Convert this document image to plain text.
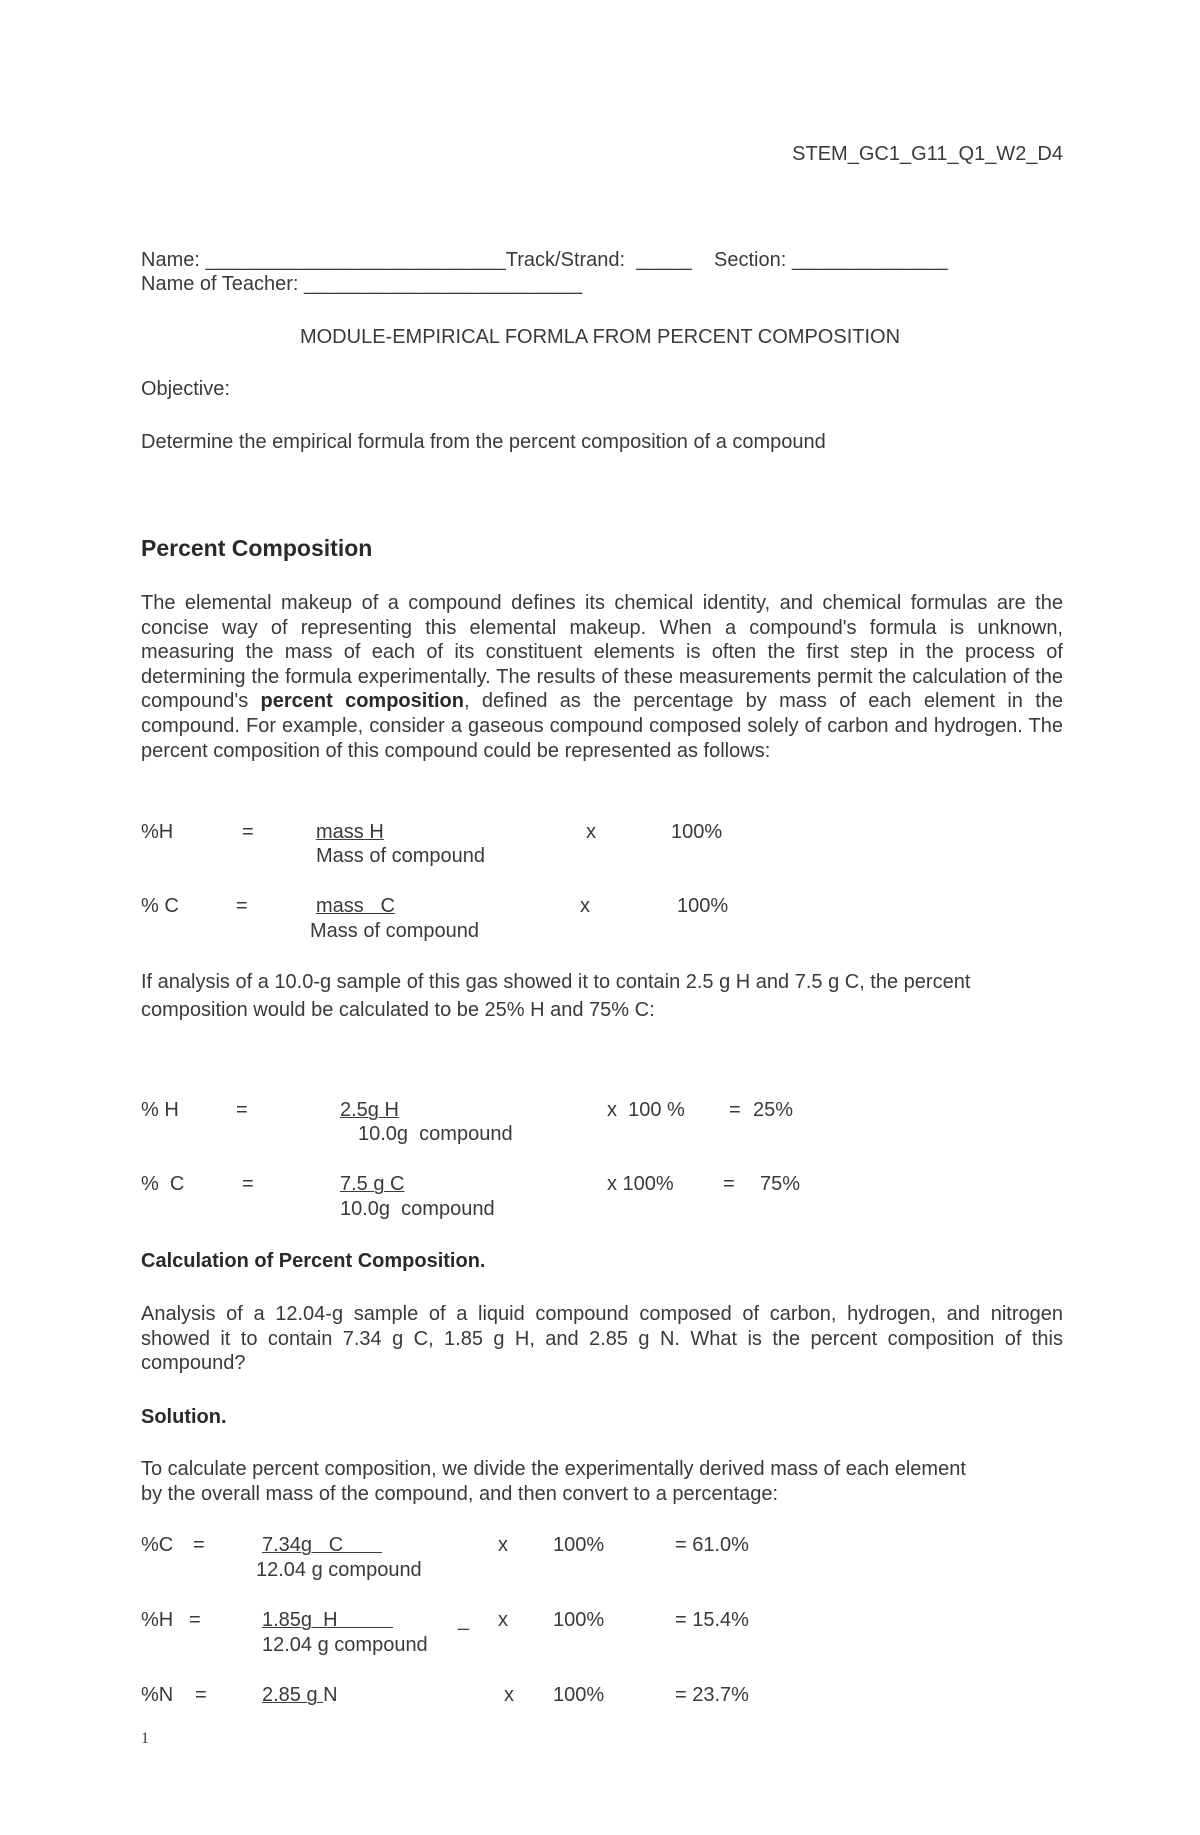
STEM_GC1_G11_Q1_W2_D4
Name: ___________________________Track/Strand:  _____    Section: ______________
Name of Teacher: _________________________
MODULE-EMPIRICAL FORMLA FROM PERCENT COMPOSITION
Objective:
Determine the empirical formula from the percent composition of a compound
Percent Composition
The elemental makeup of a compound defines its chemical identity, and chemical formulas are the concise way of representing this elemental makeup. When a compound's formula is unknown, measuring the mass of each of its constituent elements is often the first step in the process of determining the formula experimentally. The results of these measurements permit the calculation of the compound's percent composition, defined as the percentage by mass of each element in the compound. For example, consider a gaseous compound composed solely of carbon and hydrogen. The percent composition of this compound could be represented as follows:
%H	=	mass H
Mass of compound
x	100%
% C	=	mass   C
Mass of compound
x	100%
If analysis of a 10.0-g sample of this gas showed it to contain 2.5 g H and 7.5 g C, the percent
composition would be calculated to be 25% H and 75% C:
% H	=	2.5g H
10.0g  compound
x  100 % = 25%
%  C	=	7.5 g C
10.0g  compound
x 100% = 75%
Calculation of Percent Composition.
Analysis of a 12.04-g sample of a liquid compound composed of carbon, hydrogen, and nitrogen showed it to contain 7.34 g C, 1.85 g H, and 2.85 g N. What is the percent composition of this compound?
Solution.
To calculate percent composition, we divide the experimentally derived mass of each element
by the overall mass of the compound, and then convert to a percentage:
%C =	7.34g   C
12.04 g compound
x 100%	= 61.0%
%H =	1.85g  H
12.04 g compound
_ x 100%	= 15.4%
%N =	2.85 g N	x 100%	= 23.7%
1
